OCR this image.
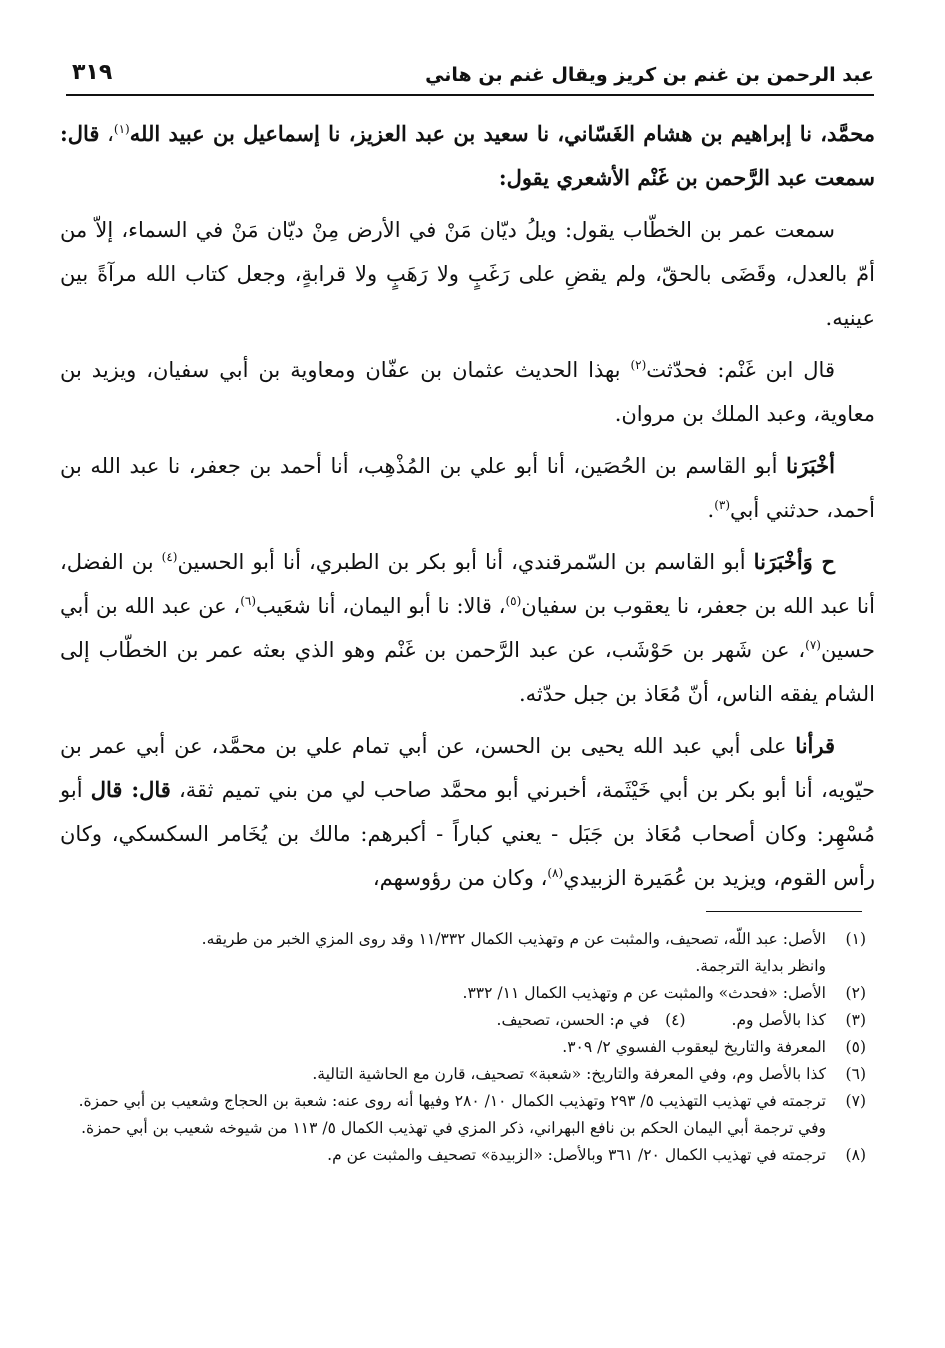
عبد الرحمن بن غنم بن كريز ويقال غنم بن هاني
٣١٩

محمَّد، نا إبراهيم بن هشام الغَسّاني، نا سعيد بن عبد العزيز، نا إسماعيل بن عبيد الله$^{(١)}$، قال: سمعت عبد الرَّحمن بن غَنْم الأشعري يقول:

سمعت عمر بن الخطّاب يقول: ويلُ ديّان مَنْ في الأرض مِنْ ديّان مَنْ في السماء، إلاّ من أمّ بالعدل، وقَضَى بالحقّ، ولم يقضِ على رَغَبٍ ولا رَهَبٍ ولا قرابةٍ، وجعل كتاب الله مرآةً بين عينيه.

قال ابن غَنْم: فحدّثت$^{(٢)}$ بهذا الحديث عثمان بن عفّان ومعاوية بن أبي سفيان، ويزيد بن معاوية، وعبد الملك بن مروان.

أخْبَرَنا أبو القاسم بن الحُصَين، أنا أبو علي بن المُذْهِب، أنا أحمد بن جعفر، نا عبد الله بن أحمد، حدثني أبي$^{(٣)}$.

ح وَأخْبَرَنا أبو القاسم بن السّمرقندي، أنا أبو بكر بن الطبري، أنا أبو الحسين$^{(٤)}$ بن الفضل، أنا عبد الله بن جعفر، نا يعقوب بن سفيان$^{(٥)}$، قالا: نا أبو اليمان، أنا شعَيب$^{(٦)}$، عن عبد الله بن أبي حسين$^{(٧)}$، عن شَهر بن حَوْشَب، عن عبد الرَّحمن بن غَنْم وهو الذي بعثه عمر بن الخطّاب إلى الشام يفقه الناس، أنّ مُعَاذ بن جبل حدّثه.

قرأنا على أبي عبد الله يحيى بن الحسن، عن أبي تمام علي بن محمَّد، عن أبي عمر بن حيّويه، أنا أبو بكر بن أبي خَيْثَمة، أخبرني أبو محمَّد صاحب لي من بني تميم ثقة، قال: قال أبو مُسْهِر: وكان أصحاب مُعَاذ بن جَبَل - يعني كباراً - أكبرهم: مالك بن يُخَامر السكسكي، وكان رأس القوم، ويزيد بن عُمَيرة الزبيدي$^{(٨)}$، وكان من رؤوسهم،

(١)
الأصل: عبد اللّه، تصحيف، والمثبت عن م وتهذيب الكمال ١١/٣٣٢ وقد روى المزي الخبر من طريقه.
وانظر بداية الترجمة.
(٢)
الأصل: «فحدث» والمثبت عن م وتهذيب الكمال ١١/ ٣٣٢.
(٣)
كذا بالأصل وم.
(٤)
في م: الحسن، تصحيف.
(٥)
المعرفة والتاريخ ليعقوب الفسوي ٢/ ٣٠٩.
(٦)
كذا بالأصل وم، وفي المعرفة والتاريخ: «شعبة» تصحيف، قارن مع الحاشية التالية.
(٧)
ترجمته في تهذيب التهذيب ٥/ ٢٩٣ وتهذيب الكمال ١٠/ ٢٨٠ وفيها أنه روى عنه: شعبة بن الحجاج وشعيب بن أبي حمزة.
وفي ترجمة أبي اليمان الحكم بن نافع البهراني، ذكر المزي في تهذيب الكمال ٥/ ١١٣ من شيوخه شعيب بن أبي حمزة.
(٨)
ترجمته في تهذيب الكمال ٢٠/ ٣٦١ وبالأصل: «الزبيدة» تصحيف والمثبت عن م.
